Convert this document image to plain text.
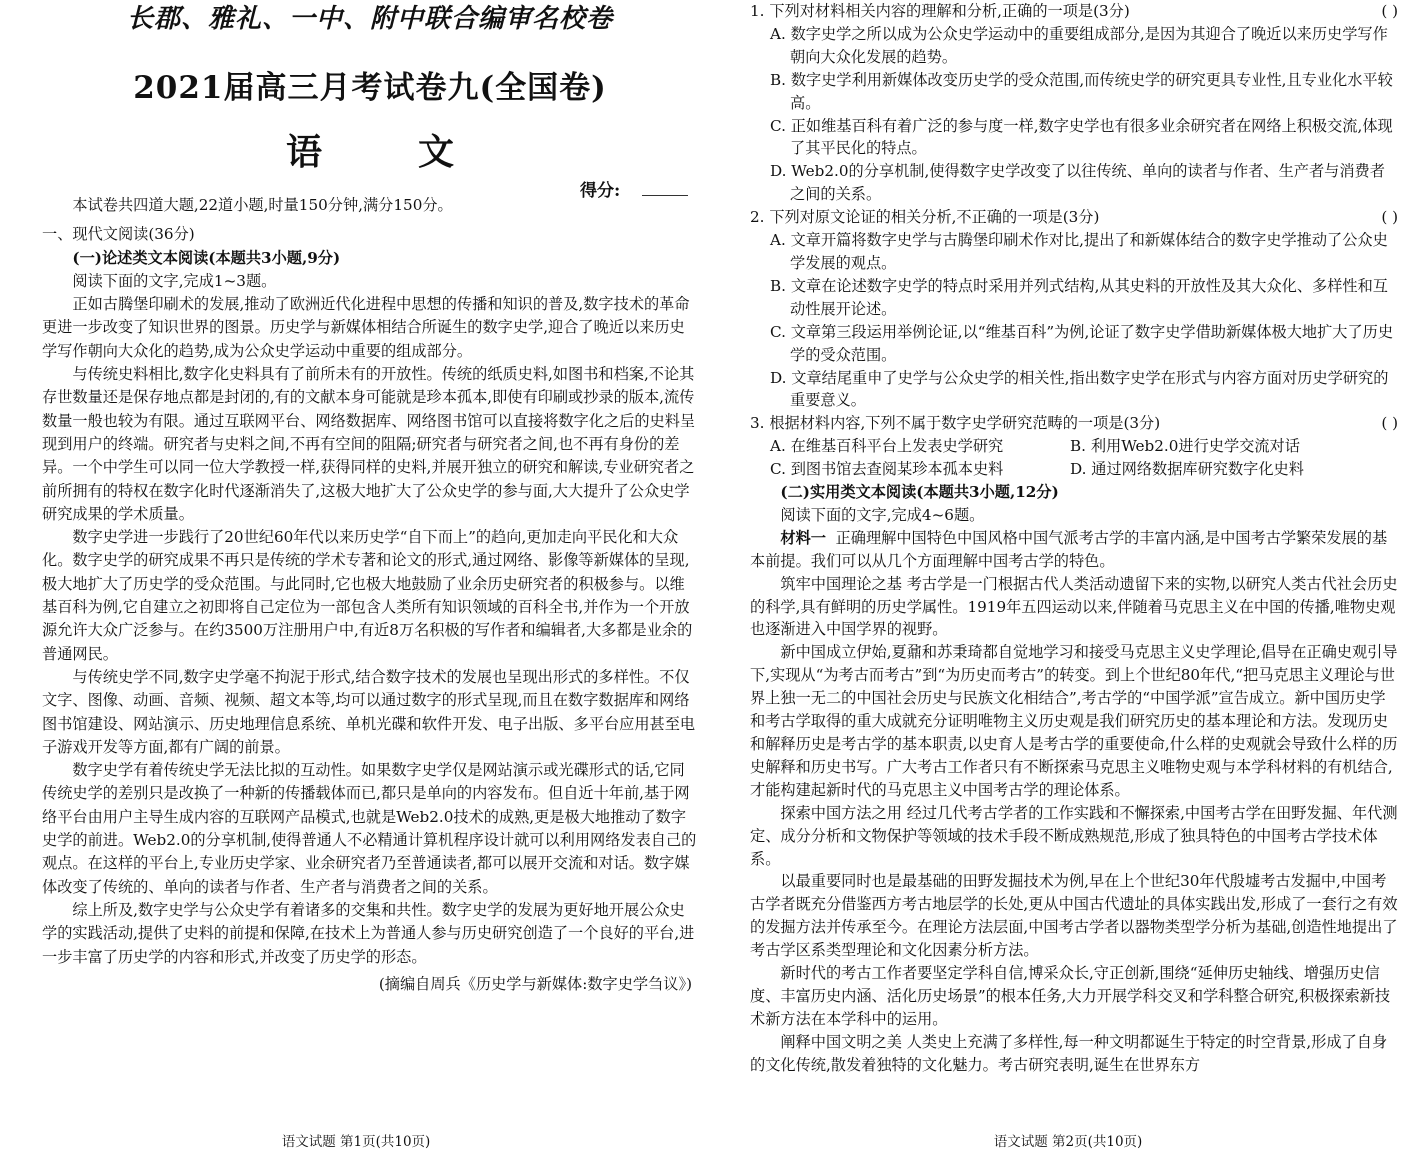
长郡、雅礼、一中、附中联合编审名校卷
2021届高三月考试卷九(全国卷)
语文
得分:

本试卷共四道大题,22道小题,时量150分钟,满分150分。

一、现代文阅读(36分)

(一)论述类文本阅读(本题共3小题,9分)

阅读下面的文字,完成1~3题。

正如古腾堡印刷术的发展,推动了欧洲近代化进程中思想的传播和知识的普及,数字技术的革命更进一步改变了知识世界的图景。历史学与新媒体相结合所诞生的数字史学,迎合了晚近以来历史学写作朝向大众化的趋势,成为公众史学运动中重要的组成部分。

与传统史料相比,数字化史料具有了前所未有的开放性。传统的纸质史料,如图书和档案,不论其存世数量还是保存地点都是封闭的,有的文献本身可能就是珍本孤本,即使有印刷或抄录的版本,流传数量一般也较为有限。通过互联网平台、网络数据库、网络图书馆可以直接将数字化之后的史料呈现到用户的终端。研究者与史料之间,不再有空间的阻隔;研究者与研究者之间,也不再有身份的差异。一个中学生可以同一位大学教授一样,获得同样的史料,并展开独立的研究和解读,专业研究者之前所拥有的特权在数字化时代逐渐消失了,这极大地扩大了公众史学的参与面,大大提升了公众史学研究成果的学术质量。

数字史学进一步践行了20世纪60年代以来历史学“自下而上”的趋向,更加走向平民化和大众化。数字史学的研究成果不再只是传统的学术专著和论文的形式,通过网络、影像等新媒体的呈现,极大地扩大了历史学的受众范围。与此同时,它也极大地鼓励了业余历史研究者的积极参与。以维基百科为例,它自建立之初即将自己定位为一部包含人类所有知识领域的百科全书,并作为一个开放源允许大众广泛参与。在约3500万注册用户中,有近8万名积极的写作者和编辑者,大多都是业余的普通网民。

与传统史学不同,数字史学毫不拘泥于形式,结合数字技术的发展也呈现出形式的多样性。不仅文字、图像、动画、音频、视频、超文本等,均可以通过数字的形式呈现,而且在数字数据库和网络图书馆建设、网站演示、历史地理信息系统、单机光碟和软件开发、电子出版、多平台应用甚至电子游戏开发等方面,都有广阔的前景。

数字史学有着传统史学无法比拟的互动性。如果数字史学仅是网站演示或光碟形式的话,它同传统史学的差别只是改换了一种新的传播载体而已,都只是单向的内容发布。但自近十年前,基于网络平台由用户主导生成内容的互联网产品模式,也就是Web2.0技术的成熟,更是极大地推动了数字史学的前进。Web2.0的分享机制,使得普通人不必精通计算机程序设计就可以利用网络发表自己的观点。在这样的平台上,专业历史学家、业余研究者乃至普通读者,都可以展开交流和对话。数字媒体改变了传统的、单向的读者与作者、生产者与消费者之间的关系。

综上所及,数字史学与公众史学有着诸多的交集和共性。数字史学的发展为更好地开展公众史学的实践活动,提供了史料的前提和保障,在技术上为普通人参与历史研究创造了一个良好的平台,进一步丰富了历史学的内容和形式,并改变了历史学的形态。

(摘编自周兵《历史学与新媒体:数字史学刍议》)

语文试题 第1页(共10页)

1. 下列对材料相关内容的理解和分析,正确的一项是(3分)	( )

A. 数字史学之所以成为公众史学运动中的重要组成部分,是因为其迎合了晚近以来历史学写作朝向大众化发展的趋势。

B. 数字史学利用新媒体改变历史学的受众范围,而传统史学的研究更具专业性,且专业化水平较高。

C. 正如维基百科有着广泛的参与度一样,数字史学也有很多业余研究者在网络上积极交流,体现了其平民化的特点。

D. Web2.0的分享机制,使得数字史学改变了以往传统、单向的读者与作者、生产者与消费者之间的关系。

2. 下列对原文论证的相关分析,不正确的一项是(3分)	( )

A. 文章开篇将数字史学与古腾堡印刷术作对比,提出了和新媒体结合的数字史学推动了公众史学发展的观点。

B. 文章在论述数字史学的特点时采用并列式结构,从其史料的开放性及其大众化、多样性和互动性展开论述。

C. 文章第三段运用举例论证,以“维基百科”为例,论证了数字史学借助新媒体极大地扩大了历史学的受众范围。

D. 文章结尾重申了史学与公众史学的相关性,指出数字史学在形式与内容方面对历史学研究的重要意义。

3. 根据材料内容,下列不属于数字史学研究范畴的一项是(3分)	( )

A. 在维基百科平台上发表史学研究	B. 利用Web2.0进行史学交流对话
C. 到图书馆去查阅某珍本孤本史料	D. 通过网络数据库研究数字化史料

(二)实用类文本阅读(本题共3小题,12分)

阅读下面的文字,完成4~6题。

材料一 正确理解中国特色中国风格中国气派考古学的丰富内涵,是中国考古学繁荣发展的基本前提。我们可以从几个方面理解中国考古学的特色。

筑牢中国理论之基 考古学是一门根据古代人类活动遗留下来的实物,以研究人类古代社会历史的科学,具有鲜明的历史学属性。1919年五四运动以来,伴随着马克思主义在中国的传播,唯物史观也逐渐进入中国学界的视野。

新中国成立伊始,夏鼐和苏秉琦都自觉地学习和接受马克思主义史学理论,倡导在正确史观引导下,实现从“为考古而考古”到“为历史而考古”的转变。到上个世纪80年代,“把马克思主义理论与世界上独一无二的中国社会历史与民族文化相结合”,考古学的“中国学派”宣告成立。新中国历史学和考古学取得的重大成就充分证明唯物主义历史观是我们研究历史的基本理论和方法。发现历史和解释历史是考古学的基本职责,以史育人是考古学的重要使命,什么样的史观就会导致什么样的历史解释和历史书写。广大考古工作者只有不断探索马克思主义唯物史观与本学科材料的有机结合,才能构建起新时代的马克思主义中国考古学的理论体系。

探索中国方法之用 经过几代考古学者的工作实践和不懈探索,中国考古学在田野发掘、年代测定、成分分析和文物保护等领域的技术手段不断成熟规范,形成了独具特色的中国考古学技术体系。

以最重要同时也是最基础的田野发掘技术为例,早在上个世纪30年代殷墟考古发掘中,中国考古学者既充分借鉴西方考古地层学的长处,更从中国古代遗址的具体实践出发,形成了一套行之有效的发掘方法并传承至今。在理论方法层面,中国考古学者以器物类型学分析为基础,创造性地提出了考古学区系类型理论和文化因素分析方法。

新时代的考古工作者要坚定学科自信,博采众长,守正创新,围绕“延伸历史轴线、增强历史信度、丰富历史内涵、活化历史场景”的根本任务,大力开展学科交叉和学科整合研究,积极探索新技术新方法在本学科中的运用。

阐释中国文明之美 人类史上充满了多样性,每一种文明都诞生于特定的时空背景,形成了自身的文化传统,散发着独特的文化魅力。考古研究表明,诞生在世界东方

语文试题 第2页(共10页)
